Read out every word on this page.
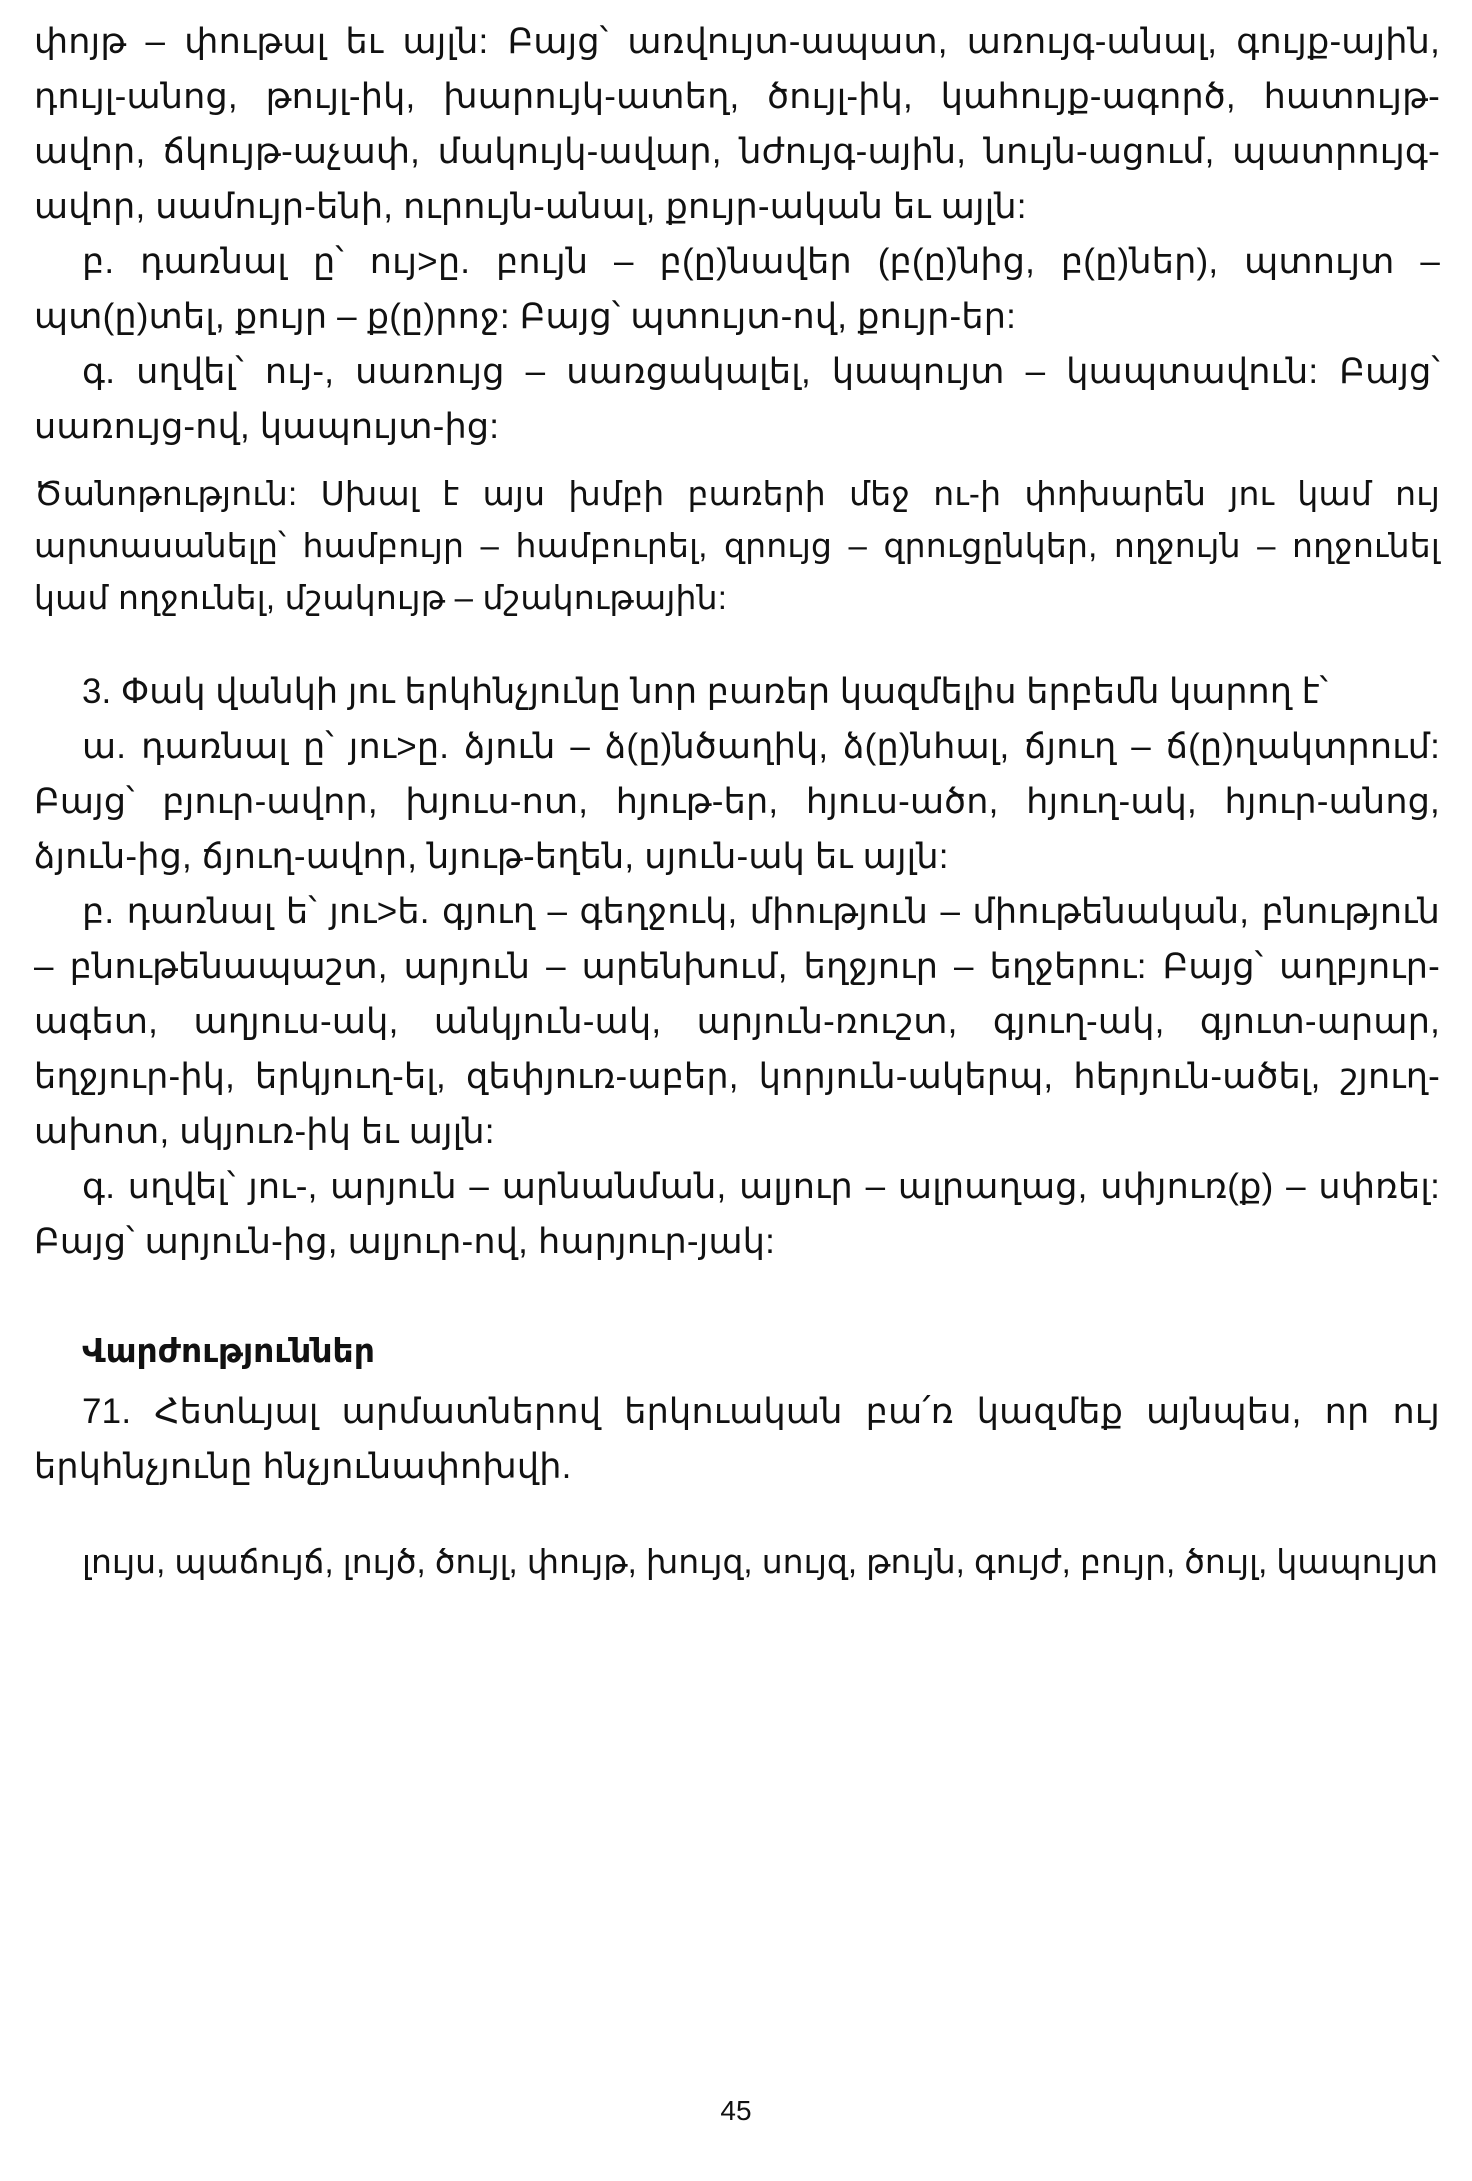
փոյթ – փութալ եւ այլն: Բայց՝ առվույտ-ապատ, առույգ-անալ, գույք-ային, դույլ-անոց, թույլ-իկ, խարույկ-ատեղ, ծույլ-իկ, կահույք-ագործ, հատույթ-ավոր, ճկույթ-աչափ, մակույկ-ավար, նժույգ-ային, նույն-ացում, պատրույգ-ավոր, սամույր-ենի, ուրույն-անալ, քույր-ական եւ այլն:

բ. դառնալ ը՝ ույ>ը. բույն – բ(ը)նավեր (բ(ը)նից, բ(ը)ներ), պտույտ – պտ(ը)տել, քույր – ք(ը)րոջ: Բայց՝ պտույտ-ով, քույր-եր:

գ. սղվել՝ ույ-, սառույց – սառցակալել, կապույտ – կապտավուն: Բայց՝ սառույց-ով, կապույտ-ից:

Ծանոթություն: Սխալ է այս խմբի բառերի մեջ ու-ի փոխարեն յու կամ ույ արտասանելը՝ համբույր – համբուրել, զրույց – զրուցընկեր, ողջույն – ողջունել կամ ողջունել, մշակույթ – մշակութային:

3. Փակ վանկի յու երկհնչյունը նոր բառեր կազմելիս երբեմն կարող է՝

ա. դառնալ ը՝ յու>ը. ձյուն – ձ(ը)նծաղիկ, ձ(ը)նհալ, ճյուղ – ճ(ը)ղակտրում: Բայց՝ բյուր-ավոր, խյուս-ոտ, հյութ-եր, հյուս-ածո, հյուղ-ակ, հյուր-անոց, ձյուն-ից, ճյուղ-ավոր, նյութ-եղեն, սյուն-ակ եւ այլն:

բ. դառնալ ե՝ յու>ե. գյուղ – գեղջուկ, միություն – միութենական, բնություն – բնութենապաշտ, արյուն – արենխում, եղջյուր – եղջերու: Բայց՝ աղբյուր-ագետ, աղյուս-ակ, անկյուն-ակ, արյուն-ռուշտ, գյուղ-ակ, գյուտ-արար, եղջյուր-իկ, երկյուղ-ել, զեփյուռ-աբեր, կորյուն-ակերպ, հերյուն-ածել, շյուղ-ախոտ, սկյուռ-իկ եւ այլն:

գ. սղվել՝ յու-, արյուն – արնանման, ալյուր – ալրաղաց, սփյուռ(ք) – սփռել: Բայց՝ արյուն-ից, ալյուր-ով, հարյուր-յակ:

Վարժություններ

71. Հետևյալ արմատներով երկուական բա՛ռ կազմեք այնպես, որ ույ երկհնչյունը հնչյունափոխվի.

լույս, պաճույճ, լույծ, ծույլ, փույթ, խույզ, սույզ, թույն, գույժ, բույր, ծույլ, կապույտ

45
